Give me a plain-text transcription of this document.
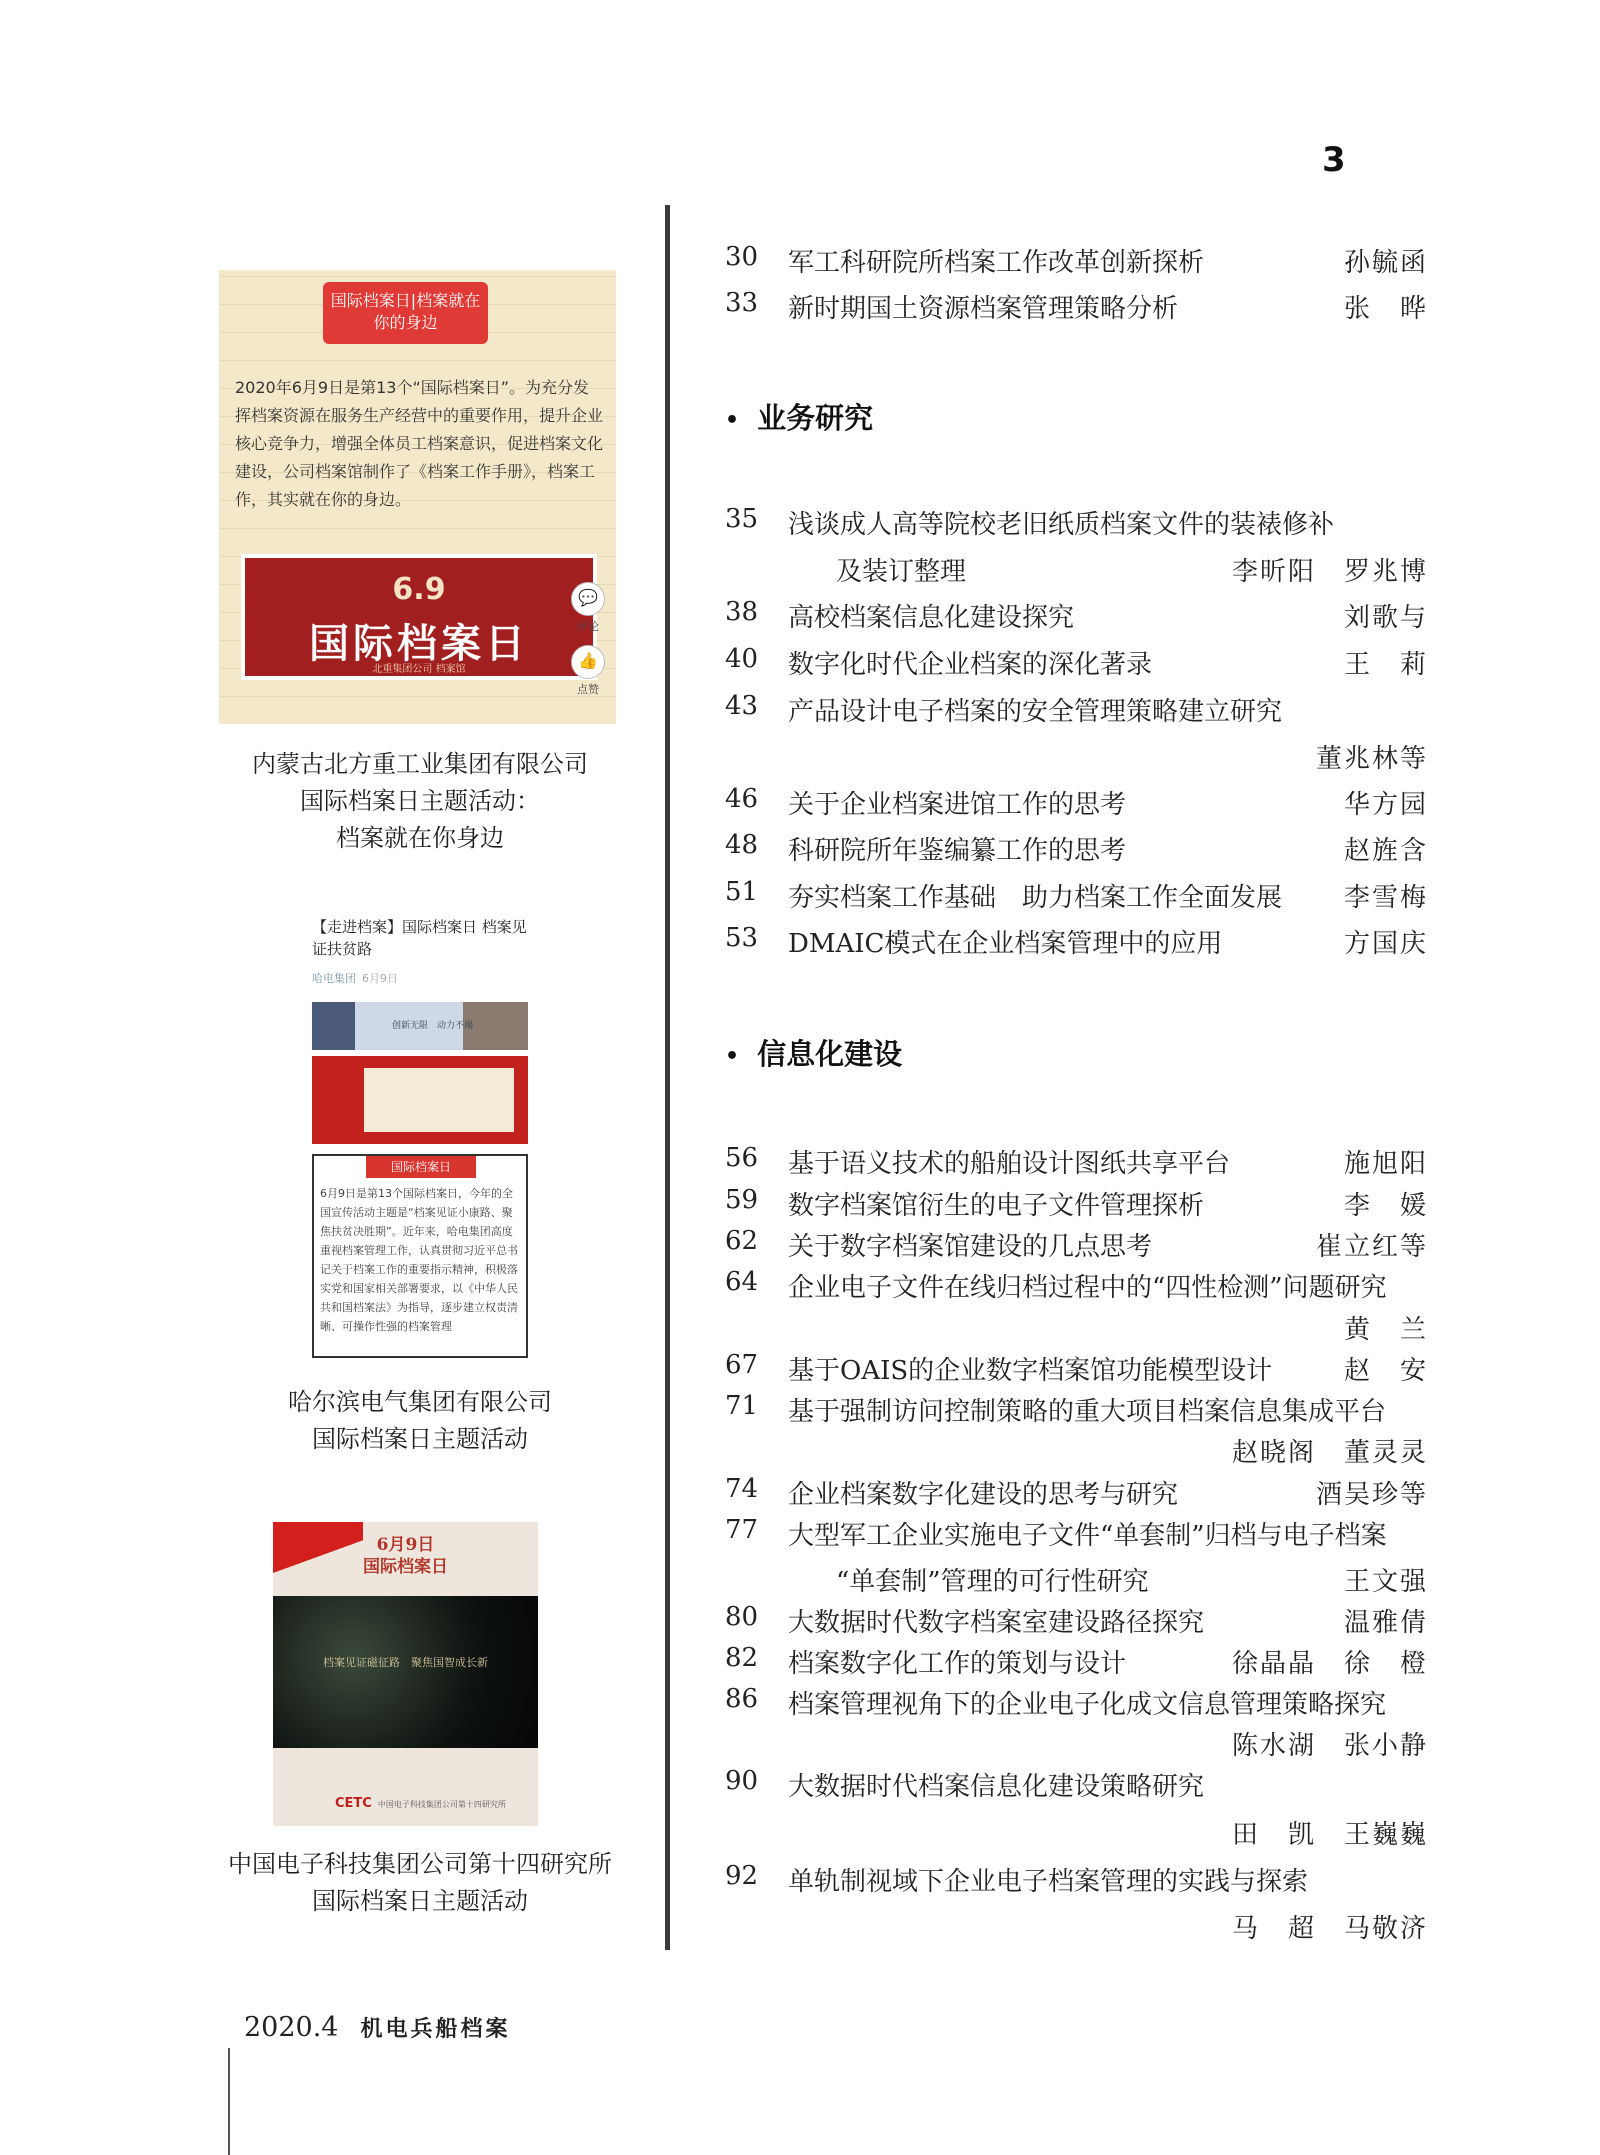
3
30	军工科研院所档案工作改革创新探析	孙毓函
33	新时期国土资源档案管理策略分析	张　晔
• 业务研究
35	浅谈成人高等院校老旧纸质档案文件的装裱修补
及装订整理	李昕阳　罗兆博
38	高校档案信息化建设探究	刘歌与
40	数字化时代企业档案的深化著录	王　莉
43	产品设计电子档案的安全管理策略建立研究
董兆林等
46	关于企业档案进馆工作的思考	华方园
48	科研院所年鉴编纂工作的思考	赵旌含
51	夯实档案工作基础　助力档案工作全面发展 李雪梅
53	DMAIC模式在企业档案管理中的应用	方国庆
• 信息化建设
56	基于语义技术的船舶设计图纸共享平台	施旭阳
59	数字档案馆衍生的电子文件管理探析	李　媛
62	关于数字档案馆建设的几点思考	崔立红等
64	企业电子文件在线归档过程中的“四性检测”问题研究
黄　兰
67	基于OAIS的企业数字档案馆功能模型设计	赵　安
71	基于强制访问控制策略的重大项目档案信息集成平台
赵晓阁　董灵灵
74	企业档案数字化建设的思考与研究	酒吴珍等
77	大型军工企业实施电子文件“单套制”归档与电子档案
“单套制”管理的可行性研究	王文强
80	大数据时代数字档案室建设路径探究	温雅倩
82	档案数字化工作的策划与设计	徐晶晶　徐　橙
86	档案管理视角下的企业电子化成文信息管理策略探究
陈水湖　张小静
90	大数据时代档案信息化建设策略研究
田　凯　王巍巍
92	单轨制视域下企业电子档案管理的实践与探索
马　超　马敬济
国际档案日|档案就在你的身边
2020年6月9日是第13个“国际档案日”。为充分发挥档案资源在服务生产经营中的重要作用，提升企业核心竞争力，增强全体员工档案意识，促进档案文化建设，公司档案馆制作了《档案工作手册》，档案工作，其实就在你的身边。
6.9
国际档案日
北重集团公司 档案馆
💬
评论
👍
点赞
内蒙古北方重工业集团有限公司
国际档案日主题活动：
档案就在你身边
【走进档案】国际档案日 档案见证扶贫路
哈电集团 6月9日
创新无限　动力不竭
国际档案日
6月9日是第13个国际档案日，今年的全国宣传活动主题是“档案见证小康路、聚焦扶贫决胜期”。近年来，哈电集团高度重视档案管理工作，认真贯彻习近平总书记关于档案工作的重要指示精神，积极落实党和国家相关部署要求，以《中华人民共和国档案法》为指导，逐步建立权责清晰、可操作性强的档案管理
哈尔滨电气集团有限公司
国际档案日主题活动
6月9日
国际档案日
档案见证磁征路　聚焦国智成长新
CETC 中国电子科技集团公司第十四研究所
中国电子科技集团公司第十四研究所
国际档案日主题活动
2020.4 机电兵船档案
